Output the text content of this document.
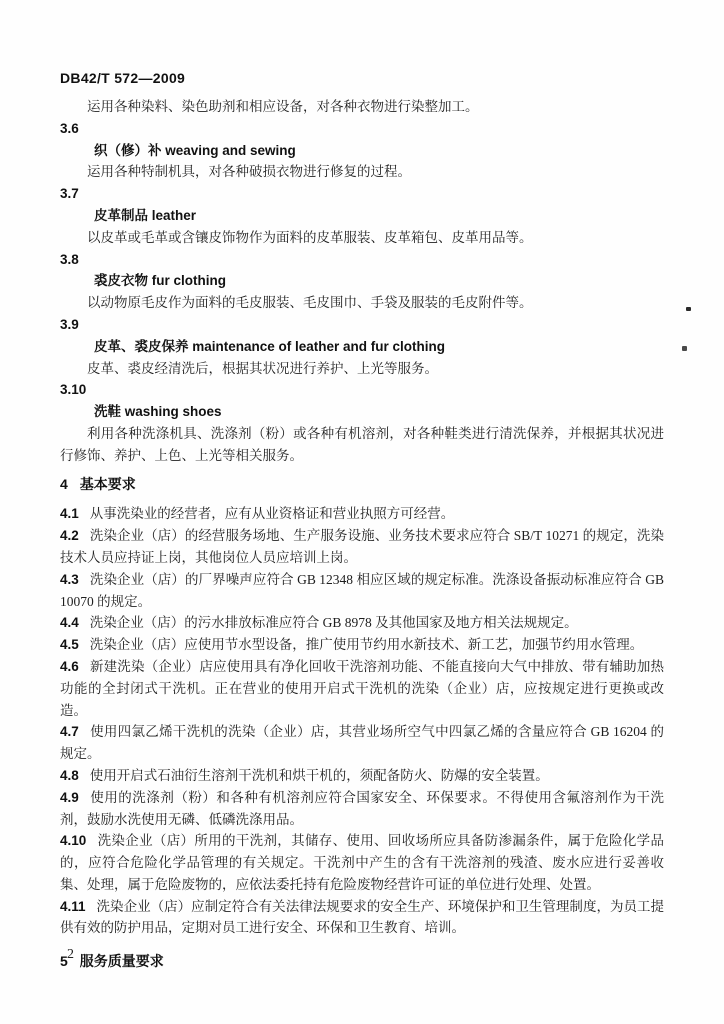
DB42/T 572—2009

运用各种染料、染色助剂和相应设备，对各种衣物进行染整加工。

3.6

织（修）补 weaving and sewing

运用各种特制机具，对各种破损衣物进行修复的过程。

3.7

皮革制品 leather

以皮革或毛革或含镶皮饰物作为面料的皮革服装、皮革箱包、皮革用品等。

3.8

裘皮衣物 fur clothing

以动物原毛皮作为面料的毛皮服装、毛皮围巾、手袋及服装的毛皮附件等。

3.9

皮革、裘皮保养 maintenance of leather and fur clothing

皮革、裘皮经清洗后，根据其状况进行养护、上光等服务。

3.10

洗鞋 washing shoes

利用各种洗涤机具、洗涤剂（粉）或各种有机溶剂，对各种鞋类进行清洗保养，并根据其状况进行修饰、养护、上色、上光等相关服务。

4 基本要求

4.1 从事洗染业的经营者，应有从业资格证和营业执照方可经营。

4.2 洗染企业（店）的经营服务场地、生产服务设施、业务技术要求应符合 SB/T 10271 的规定，洗染技术人员应持证上岗，其他岗位人员应培训上岗。

4.3 洗染企业（店）的厂界噪声应符合 GB 12348 相应区域的规定标准。洗涤设备振动标准应符合 GB 10070 的规定。

4.4 洗染企业（店）的污水排放标准应符合 GB 8978 及其他国家及地方相关法规规定。

4.5 洗染企业（店）应使用节水型设备，推广使用节约用水新技术、新工艺，加强节约用水管理。

4.6 新建洗染（企业）店应使用具有净化回收干洗溶剂功能、不能直接向大气中排放、带有辅助加热功能的全封闭式干洗机。正在营业的使用开启式干洗机的洗染（企业）店，应按规定进行更换或改造。

4.7 使用四氯乙烯干洗机的洗染（企业）店，其营业场所空气中四氯乙烯的含量应符合 GB 16204 的规定。

4.8 使用开启式石油衍生溶剂干洗机和烘干机的，须配备防火、防爆的安全装置。

4.9 使用的洗涤剂（粉）和各种有机溶剂应符合国家安全、环保要求。不得使用含氟溶剂作为干洗剂，鼓励水洗使用无磷、低磷洗涤用品。

4.10 洗染企业（店）所用的干洗剂，其储存、使用、回收场所应具备防渗漏条件，属于危险化学品的，应符合危险化学品管理的有关规定。干洗剂中产生的含有干洗溶剂的残渣、废水应进行妥善收集、处理，属于危险废物的，应依法委托持有危险废物经营许可证的单位进行处理、处置。

4.11 洗染企业（店）应制定符合有关法律法规要求的安全生产、环境保护和卫生管理制度，为员工提供有效的防护用品，定期对员工进行安全、环保和卫生教育、培训。

5 服务质量要求

2
